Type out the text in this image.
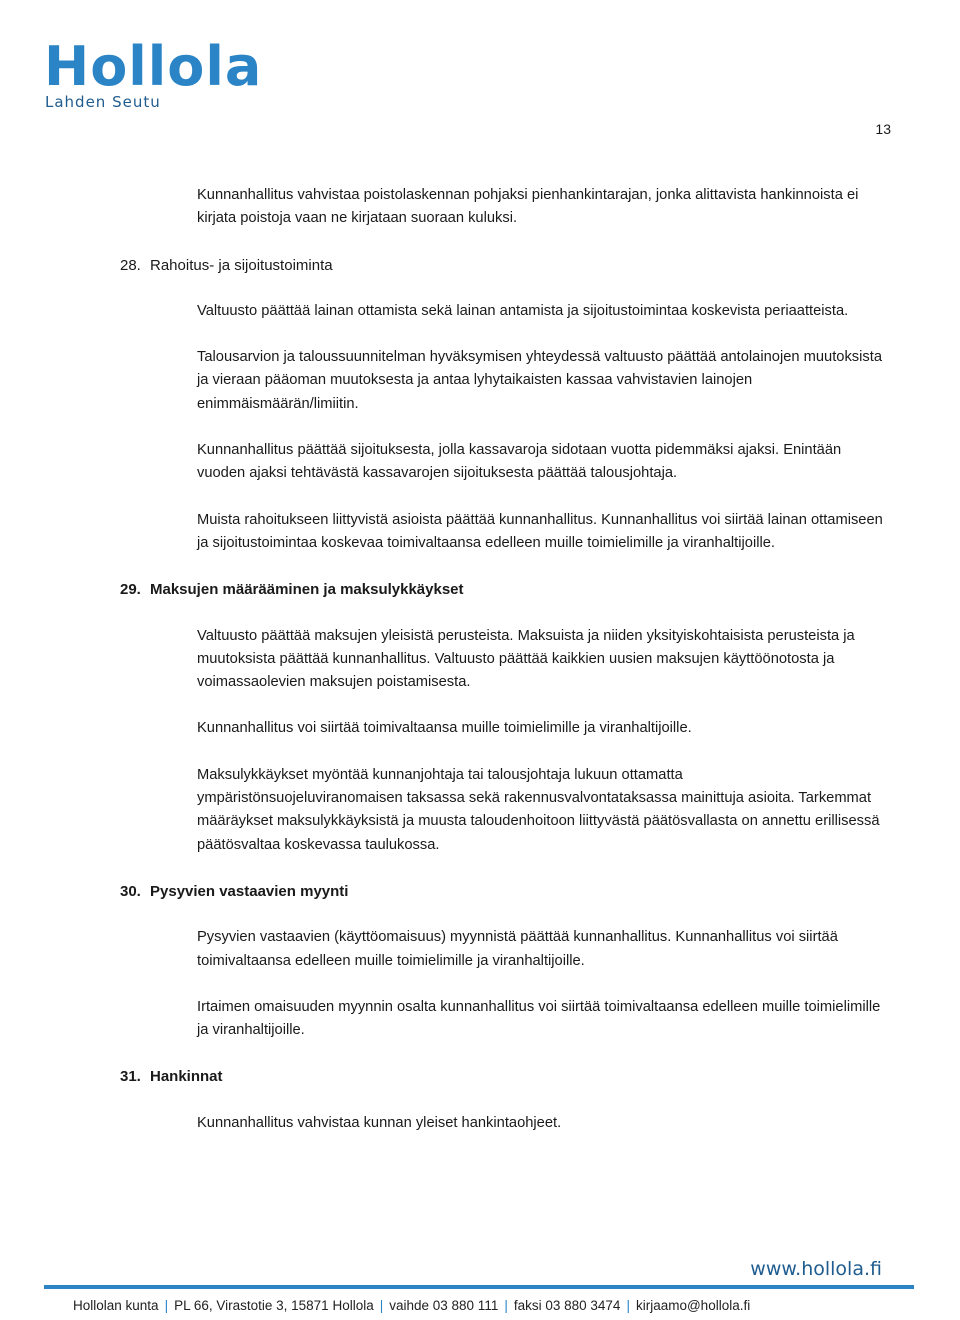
Hollola
Lahden Seutu
13

Kunnanhallitus vahvistaa poistolaskennan pohjaksi pienhankintarajan, jonka alittavista hankinnoista ei kirjata poistoja vaan ne kirjataan suoraan kuluksi.

28. Rahoitus- ja sijoitustoiminta

Valtuusto päättää lainan ottamista sekä lainan antamista ja sijoitustoimintaa koskevista periaatteista.

Talousarvion ja taloussuunnitelman hyväksymisen yhteydessä valtuusto päättää antolainojen muutoksista ja vieraan pääoman muutoksesta ja antaa lyhytaikaisten kassaa vahvistavien lainojen enimmäismäärän/limiitin.

Kunnanhallitus päättää sijoituksesta, jolla kassavaroja sidotaan vuotta pidemmäksi ajaksi. Enintään vuoden ajaksi tehtävästä kassavarojen sijoituksesta päättää talousjohtaja.

Muista rahoitukseen liittyvistä asioista päättää kunnanhallitus. Kunnanhallitus voi siirtää lainan ottamiseen ja sijoitustoimintaa koskevaa toimivaltaansa edelleen muille toimielimille ja viranhaltijoille.

29. Maksujen määrääminen ja maksulykkäykset

Valtuusto päättää maksujen yleisistä perusteista. Maksuista ja niiden yksityiskohtaisista perusteista ja muutoksista päättää kunnanhallitus. Valtuusto päättää kaikkien uusien maksujen käyttöönotosta ja voimassaolevien maksujen poistamisesta.

Kunnanhallitus voi siirtää toimivaltaansa muille toimielimille ja viranhaltijoille.

Maksulykkäykset myöntää kunnanjohtaja tai talousjohtaja lukuun ottamatta ympäristönsuojeluviranomaisen taksassa sekä rakennusvalvontataksassa mainittuja asioita. Tarkemmat määräykset maksulykkäyksistä ja muusta taloudenhoitoon liittyvästä päätösvallasta on annettu erillisessä päätösvaltaa koskevassa taulukossa.

30. Pysyvien vastaavien myynti

Pysyvien vastaavien (käyttöomaisuus) myynnistä päättää kunnanhallitus. Kunnanhallitus voi siirtää toimivaltaansa edelleen muille toimielimille ja viranhaltijoille.

Irtaimen omaisuuden myynnin osalta kunnanhallitus voi siirtää toimivaltaansa edelleen muille toimielimille ja viranhaltijoille.

31. Hankinnat

Kunnanhallitus vahvistaa kunnan yleiset hankintaohjeet.

www.hollola.fi
Hollolan kunta | PL 66, Virastotie 3, 15871 Hollola | vaihde 03 880 111 | faksi 03 880 3474 | kirjaamo@hollola.fi
